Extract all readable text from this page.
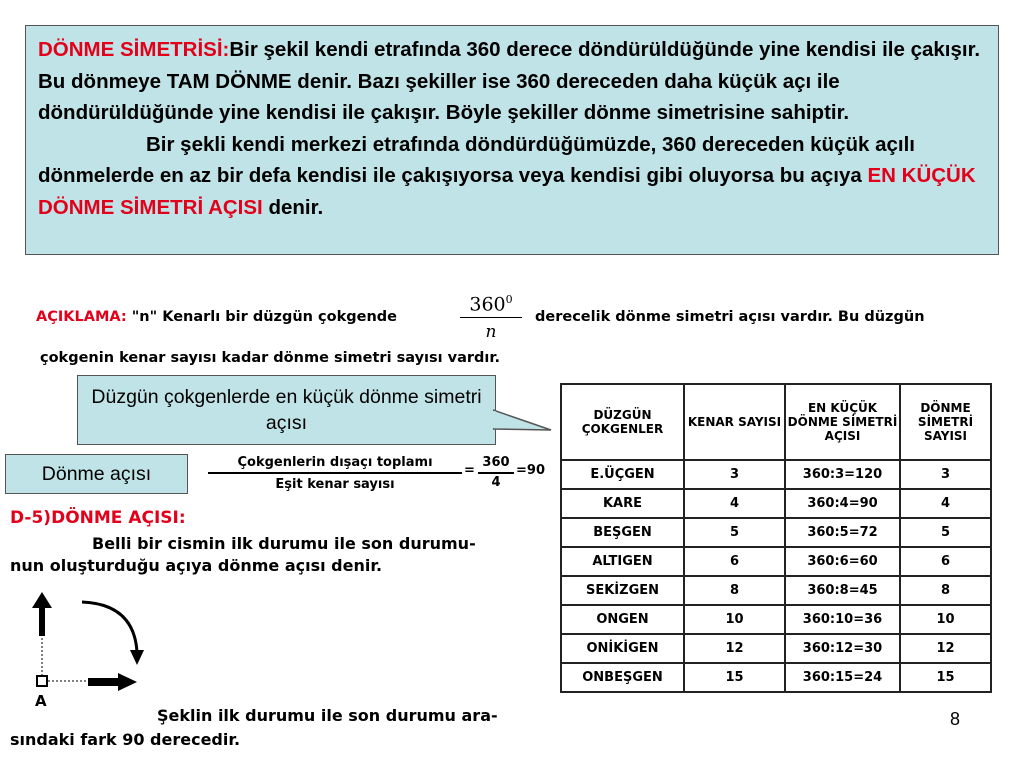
DÖNME SİMETRİSİ:Bir şekil kendi etrafında 360 derece döndürüldüğünde yine kendisi ile çakışır. Bu dönmeye TAM DÖNME denir. Bazı şekiller ise 360 dereceden daha küçük açı ile döndürüldüğünde yine kendisi ile çakışır. Böyle şekiller dönme simetrisine sahiptir.

Bir şekli kendi merkezi etrafında döndürdüğümüzde, 360 dereceden küçük açılı dönmelerde en az bir defa kendisi ile çakışıyorsa veya kendisi gibi oluyorsa bu açıya EN KÜÇÜK DÖNME SİMETRİ AÇISI denir.

AÇIKLAMA: "n" Kenarlı bir düzgün çokgende
$360^0$
n
derecelik dönme simetri açısı vardır. Bu düzgün
çokgenin kenar sayısı kadar dönme simetri sayısı vardır.
Düzgün çokgenlerde en küçük dönme simetri açısı
Dönme açısı	Çokgenlerin dışaçı toplamı
Eşit kenar sayısı
=
360
4
=90
D-5)DÖNME AÇISI:
Belli bir cismin ilk durumu ile son durumu-
nun oluşturduğu açıya dönme açısı denir.
A
Şeklin ilk durumu ile son durumu ara-
sındaki fark 90 derecedir.
DÜZGÜN ÇOKGENLER	KENAR SAYISI	EN KÜÇÜK DÖNME SİMETRİ AÇISI	DÖNME SİMETRİ SAYISI
E.ÜÇGEN	3	360:3=120	3
KARE	4	360:4=90	4
BEŞGEN	5	360:5=72	5
ALTIGEN	6	360:6=60	6
SEKİZGEN	8	360:8=45	8
ONGEN	10	360:10=36	10
ONİKİGEN	12	360:12=30	12
ONBEŞGEN	15	360:15=24	15
8
